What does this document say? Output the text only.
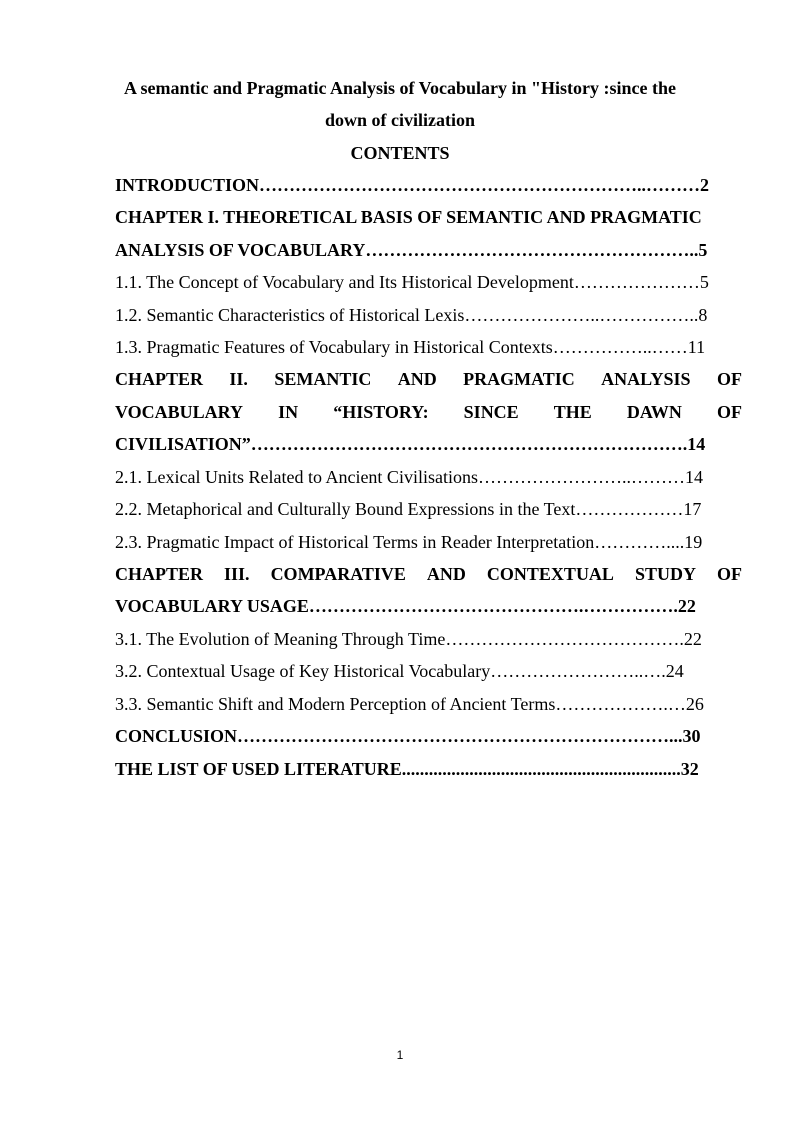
A semantic and Pragmatic Analysis of Vocabulary in "History :since the
down of civilization
CONTENTS
INTRODUCTION………………………………………………………..………2
CHAPTER I. THEORETICAL BASIS OF SEMANTIC AND PRAGMATIC
ANALYSIS OF VOCABULARY………………………………………………..5
1.1. The Concept of Vocabulary and Its Historical Development…………………5
1.2. Semantic Characteristics of Historical Lexis…………………..……………..8
1.3. Pragmatic Features of Vocabulary in Historical Contexts……………..……11
CHAPTER II. SEMANTIC AND PRAGMATIC ANALYSIS OF
VOCABULARY IN “HISTORY: SINCE THE DAWN OF
CIVILISATION”……………………………………………………………….14
2.1. Lexical Units Related to Ancient Civilisations……………………..………14
2.2. Metaphorical and Culturally Bound Expressions in the Text………………17
2.3. Pragmatic Impact of Historical Terms in Reader Interpretation…………....19
CHAPTER III. COMPARATIVE AND CONTEXTUAL STUDY OF
VOCABULARY USAGE……………………………………….…………….22
3.1. The Evolution of Meaning Through Time………………………………….22
3.2. Contextual Usage of Key Historical Vocabulary……………………..….24
3.3. Semantic Shift and Modern Perception of Ancient Terms……………….…26
CONCLUSION………………………………………………………………...30
THE LIST OF USED LITERATURE..............................................................32
1
